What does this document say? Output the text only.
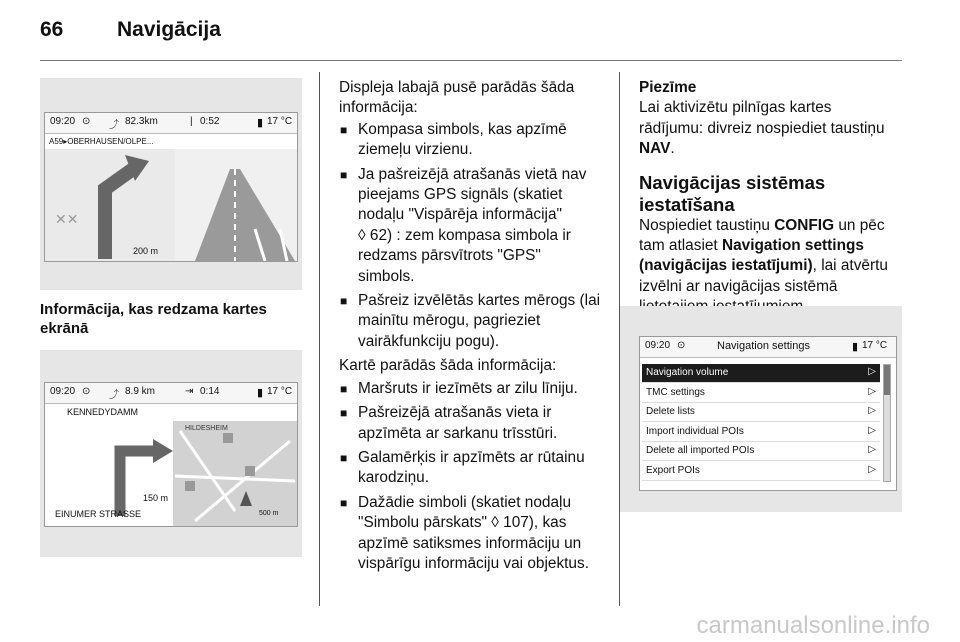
66	Navigācija
09:20 ⊙ ⤴ 82.3km	| 0:52	▮ 17 °C
A59▸OBERHAUSEN/OLPE...
✕✕
200 m
Informācija, kas redzama kartes
ekrānā
09:20 ⊙ ⤴ 8.9 km	⇥ 0:14	▮ 17 °C
KENNEDYDAMM
HILDESHEIM
150 m
EINUMER STRASSE	500 m

Displeja labajā pusē parādās šāda
informācija:

■ Kompasa simbols, kas apzīmē
ziemeļu virzienu.
■ Ja pašreizējā atrašanās vietā nav
pieejams GPS signāls (skatiet
nodaļu "Vispārēja informācija"
◊ 62) : zem kompasa simbola ir
redzams pārsvītrots "GPS"
simbols.
■ Pašreiz izvēlētās kartes mērogs (lai
mainītu mērogu, pagrieziet
vairākfunkciju pogu).

Kartē parādās šāda informācija:

■ Maršruts ir iezīmēts ar zilu līniju.
■ Pašreizējā atrašanās vieta ir
apzīmēta ar sarkanu trīsstūri.
■ Galamērķis ir apzīmēts ar rūtainu
karodziņu.
■ Dažādie simboli (skatiet nodaļu
"Simbolu pārskats" ◊ 107), kas
apzīmē satiksmes informāciju un
vispārīgu informāciju vai objektus.

Piezīme
Lai aktivizētu pilnīgas kartes
rādījumu: divreiz nospiediet taustiņu
NAV.

Navigācijas sistēmas
iestatīšana

Nospiediet taustiņu CONFIG un pēc
tam atlasiet Navigation settings
(navigācijas iestatījumi), lai atvērtu
izvēlni ar navigācijas sistēmā

09:20 ⊙	Navigation settings	▮ 17 °C
Navigation volume	▷
TMC settings	▷
Delete lists	▷
Import individual POIs	▷
Delete all imported POIs	▷
Export POIs	▷
carmanualsonline.info
